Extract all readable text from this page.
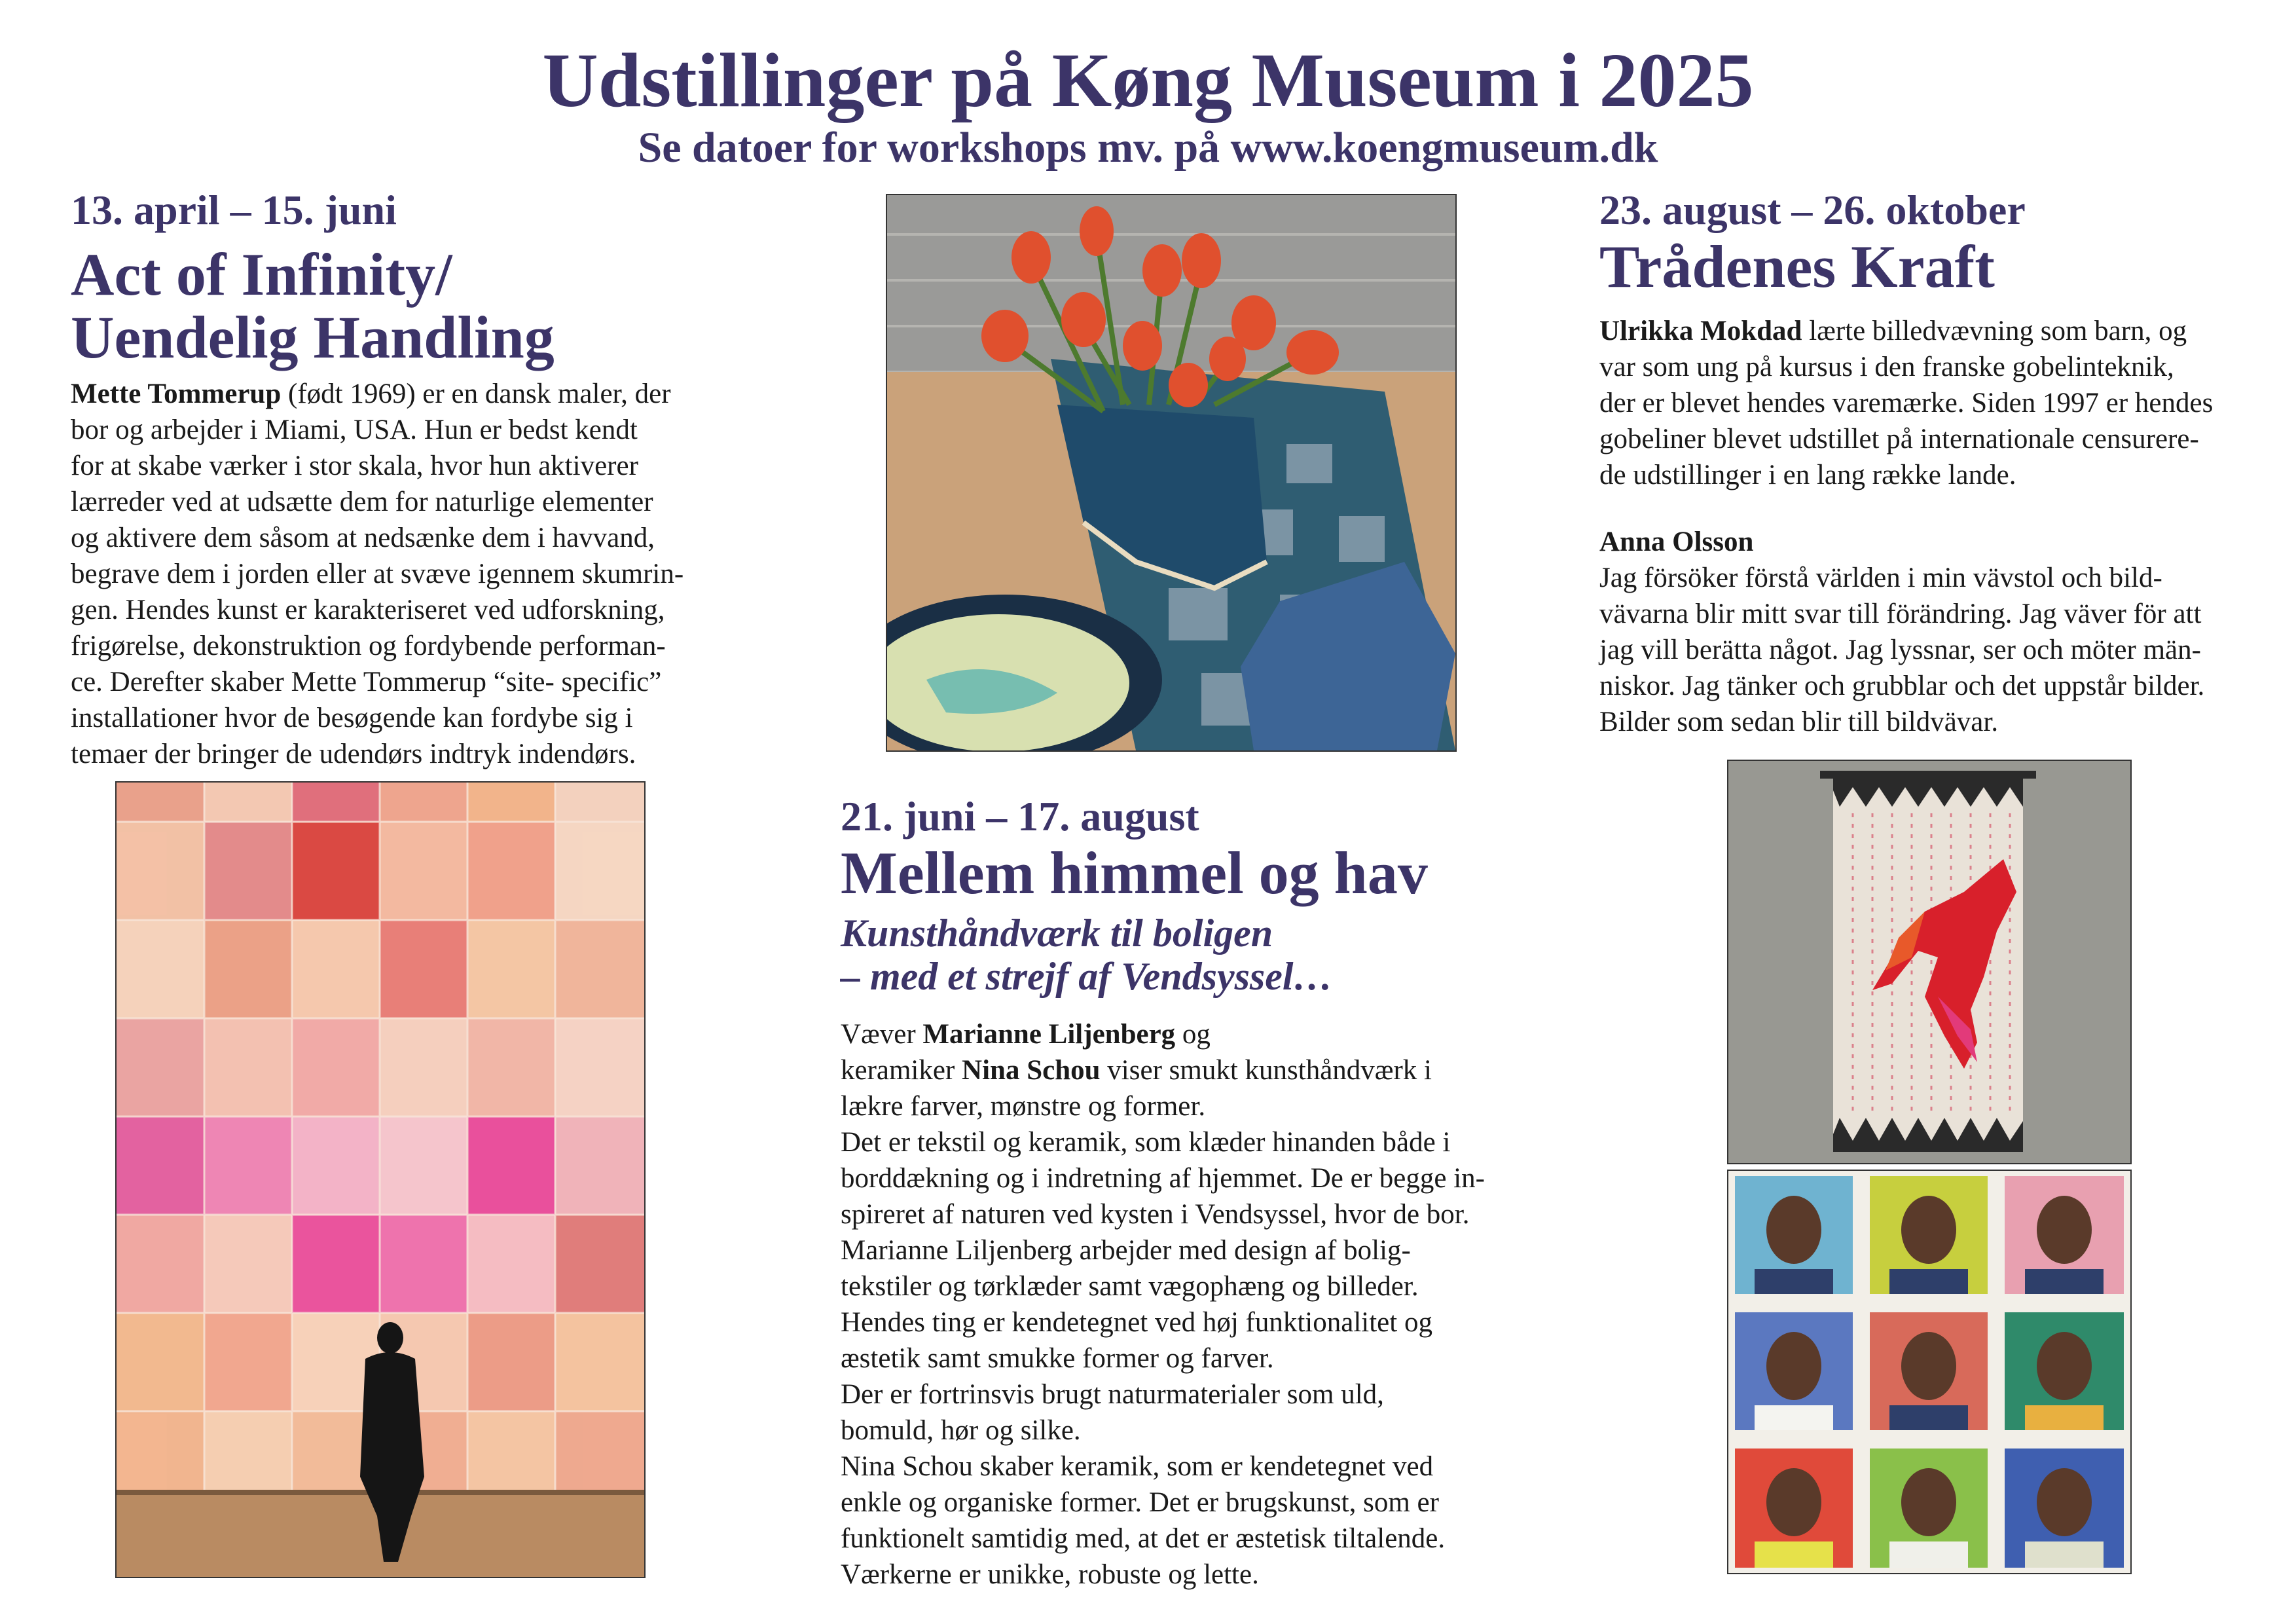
Udstillinger på Køng Museum i 2025
Se datoer for workshops mv. på www.koengmuseum.dk
13. april – 15. juni
Act of Infinity/
Uendelig Handling

Mette Tommerup (født 1969) er en dansk maler, der

bor og arbejder i Miami, USA. Hun er bedst kendt

for at skabe værker i stor skala, hvor hun aktiverer

lærreder ved at udsætte dem for naturlige elementer

og aktivere dem såsom at nedsænke dem i havvand,

begrave dem i jorden eller at svæve igennem skumrin-

gen. Hendes kunst er karakteriseret ved udforskning,

frigørelse, dekonstruktion og fordybende performan-

ce. Derefter skaber Mette Tommerup “site- specific”

installationer hvor de besøgende kan fordybe sig i

temaer der bringer de udendørs indtryk indendørs.

21. juni – 17. august
Mellem himmel og hav
Kunsthåndværk til boligen
– med et strejf af Vendsyssel…

Væver Marianne Liljenberg og

keramiker Nina Schou viser smukt kunsthåndværk i

lækre farver, mønstre og former.

Det er tekstil og keramik, som klæder hinanden både i

borddækning og i indretning af hjemmet. De er begge in-

spireret af naturen ved kysten i Vendsyssel, hvor de bor.

Marianne Liljenberg arbejder med design af bolig-

tekstiler og tørklæder samt vægophæng og billeder.

Hendes ting er kendetegnet ved høj funktionalitet og

æstetik samt smukke former og farver.

Der er fortrinsvis brugt naturmaterialer som uld,

bomuld, hør og silke.

Nina Schou skaber keramik, som er kendetegnet ved

enkle og organiske former. Det er brugskunst, som er

funktionelt samtidig med, at det er æstetisk tiltalende.

Værkerne er unikke, robuste og lette.

23. august – 26. oktober
Trådenes Kraft

Ulrikka Mokdad lærte billedvævning som barn, og

var som ung på kursus i den franske gobelinteknik,

der er blevet hendes varemærke. Siden 1997 er hendes

gobeliner blevet udstillet på internationale censurere-

de udstillinger i en lang række lande.

Anna Olsson

Jag försöker förstå världen i min vävstol och bild-

vävarna blir mitt svar till förändring. Jag väver för att

jag vill berätta något. Jag lyssnar, ser och möter män-

niskor. Jag tänker och grubblar och det uppstår bilder.

Bilder som sedan blir till bildvävar.
